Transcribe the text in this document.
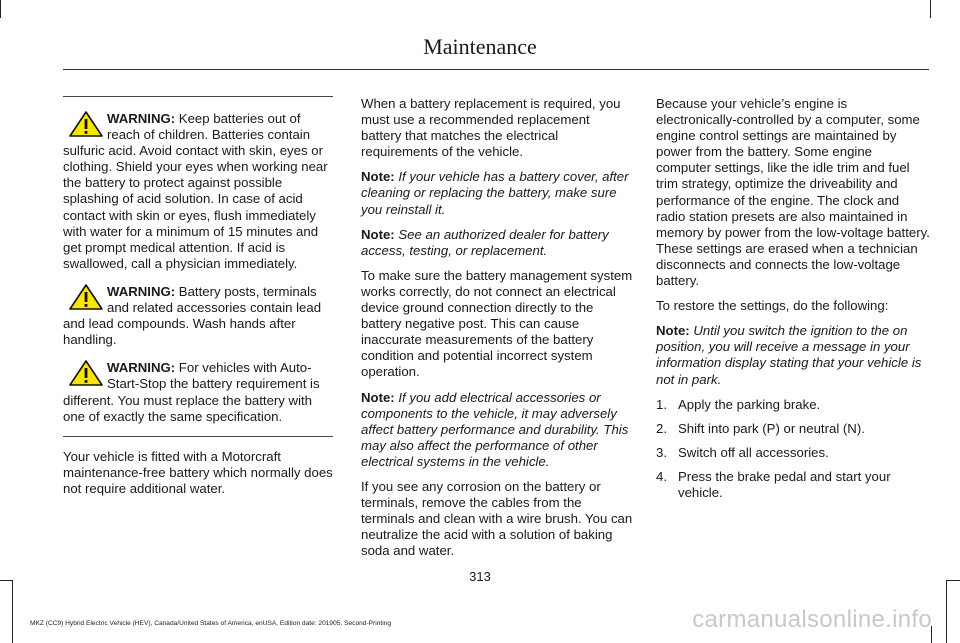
Maintenance
WARNING: Keep batteries out of reach of children. Batteries contain sulfuric acid. Avoid contact with skin, eyes or clothing. Shield your eyes when working near the battery to protect against possible splashing of acid solution. In case of acid contact with skin or eyes, flush immediately with water for a minimum of 15 minutes and get prompt medical attention. If acid is swallowed, call a physician immediately.
WARNING: Battery posts, terminals and related accessories contain lead and lead compounds. Wash hands after handling.
WARNING: For vehicles with Auto-Start-Stop the battery requirement is different. You must replace the battery with one of exactly the same specification.

Your vehicle is fitted with a Motorcraft maintenance-free battery which normally does not require additional water.

When a battery replacement is required, you must use a recommended replacement battery that matches the electrical requirements of the vehicle.

Note: If your vehicle has a battery cover, after cleaning or replacing the battery, make sure you reinstall it.

Note: See an authorized dealer for battery access, testing, or replacement.

To make sure the battery management system works correctly, do not connect an electrical device ground connection directly to the battery negative post. This can cause inaccurate measurements of the battery condition and potential incorrect system operation.

Note: If you add electrical accessories or components to the vehicle, it may adversely affect battery performance and durability. This may also affect the performance of other electrical systems in the vehicle.

If you see any corrosion on the battery or terminals, remove the cables from the terminals and clean with a wire brush. You can neutralize the acid with a solution of baking soda and water.

Because your vehicle’s engine is electronically-controlled by a computer, some engine control settings are maintained by power from the battery. Some engine computer settings, like the idle trim and fuel trim strategy, optimize the driveability and performance of the engine. The clock and radio station presets are also maintained in memory by power from the low-voltage battery. These settings are erased when a technician disconnects and connects the low-voltage battery.

To restore the settings, do the following:

Note: Until you switch the ignition to the on position, you will receive a message in your information display stating that your vehicle is not in park.

1. Apply the parking brake.
2. Shift into park (P) or neutral (N).
3. Switch off all accessories.
4. Press the brake pedal and start your vehicle.
313
MKZ (CC9) Hybrid Electric Vehicle (HEV), Canada/United States of America, enUSA, Edition date: 201905, Second-Printing	carmanualsonline.info
